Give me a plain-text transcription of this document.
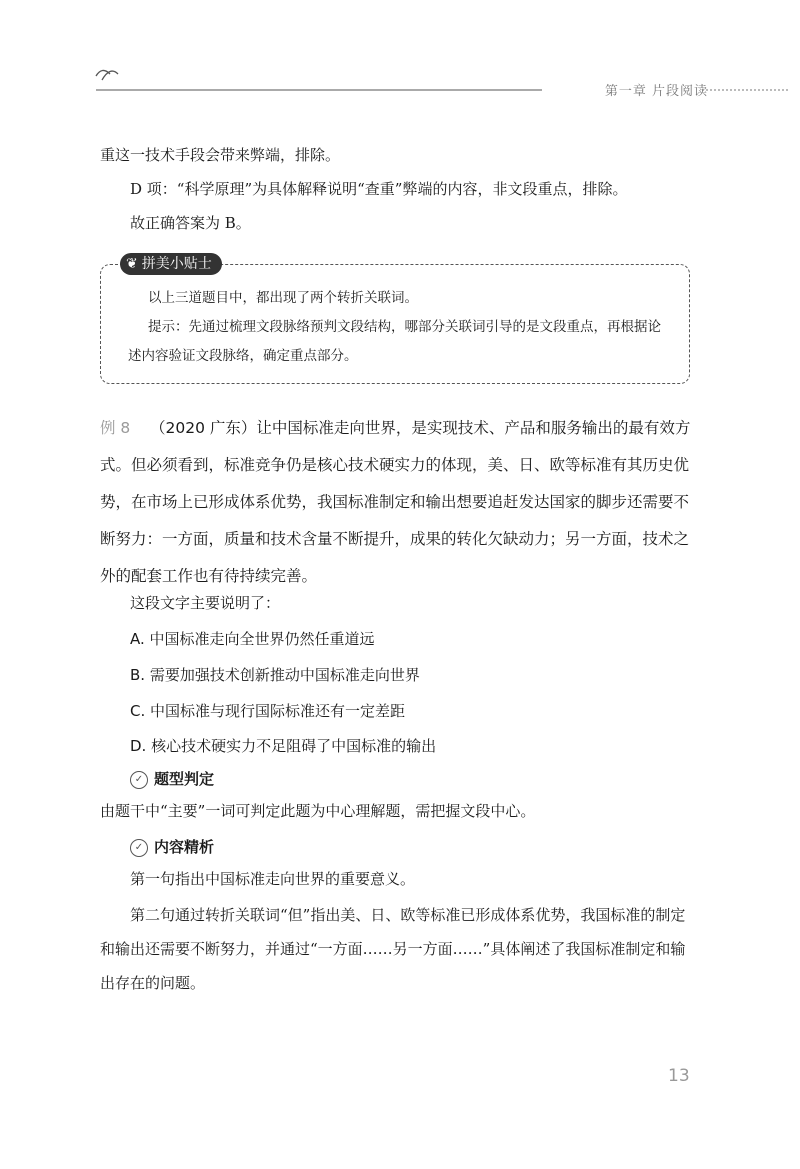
第一章 片段阅读

重这一技术手段会带来弊端，排除。

D 项：“科学原理”为具体解释说明“查重”弊端的内容，非文段重点，排除。

故正确答案为 B。

❦ 拼美小贴士

以上三道题目中，都出现了两个转折关联词。

提示：先通过梳理文段脉络预判文段结构，哪部分关联词引导的是文段重点，再根据论述内容验证文段脉络，确定重点部分。

例 8 （2020 广东）让中国标准走向世界，是实现技术、产品和服务输出的最有效方式。但必须看到，标准竞争仍是核心技术硬实力的体现，美、日、欧等标准有其历史优势，在市场上已形成体系优势，我国标准制定和输出想要追赶发达国家的脚步还需要不断努力：一方面，质量和技术含量不断提升，成果的转化欠缺动力；另一方面，技术之外的配套工作也有待持续完善。

这段文字主要说明了：
A. 中国标准走向全世界仍然任重道远
B. 需要加强技术创新推动中国标准走向世界
C. 中国标准与现行国际标准还有一定差距
D. 核心技术硬实力不足阻碍了中国标准的输出
✓ 题型判定

由题干中“主要”一词可判定此题为中心理解题，需把握文段中心。

✓ 内容精析

第一句指出中国标准走向世界的重要意义。

第二句通过转折关联词“但”指出美、日、欧等标准已形成体系优势，我国标准的制定和输出还需要不断努力，并通过“一方面……另一方面……”具体阐述了我国标准制定和输出存在的问题。

13
